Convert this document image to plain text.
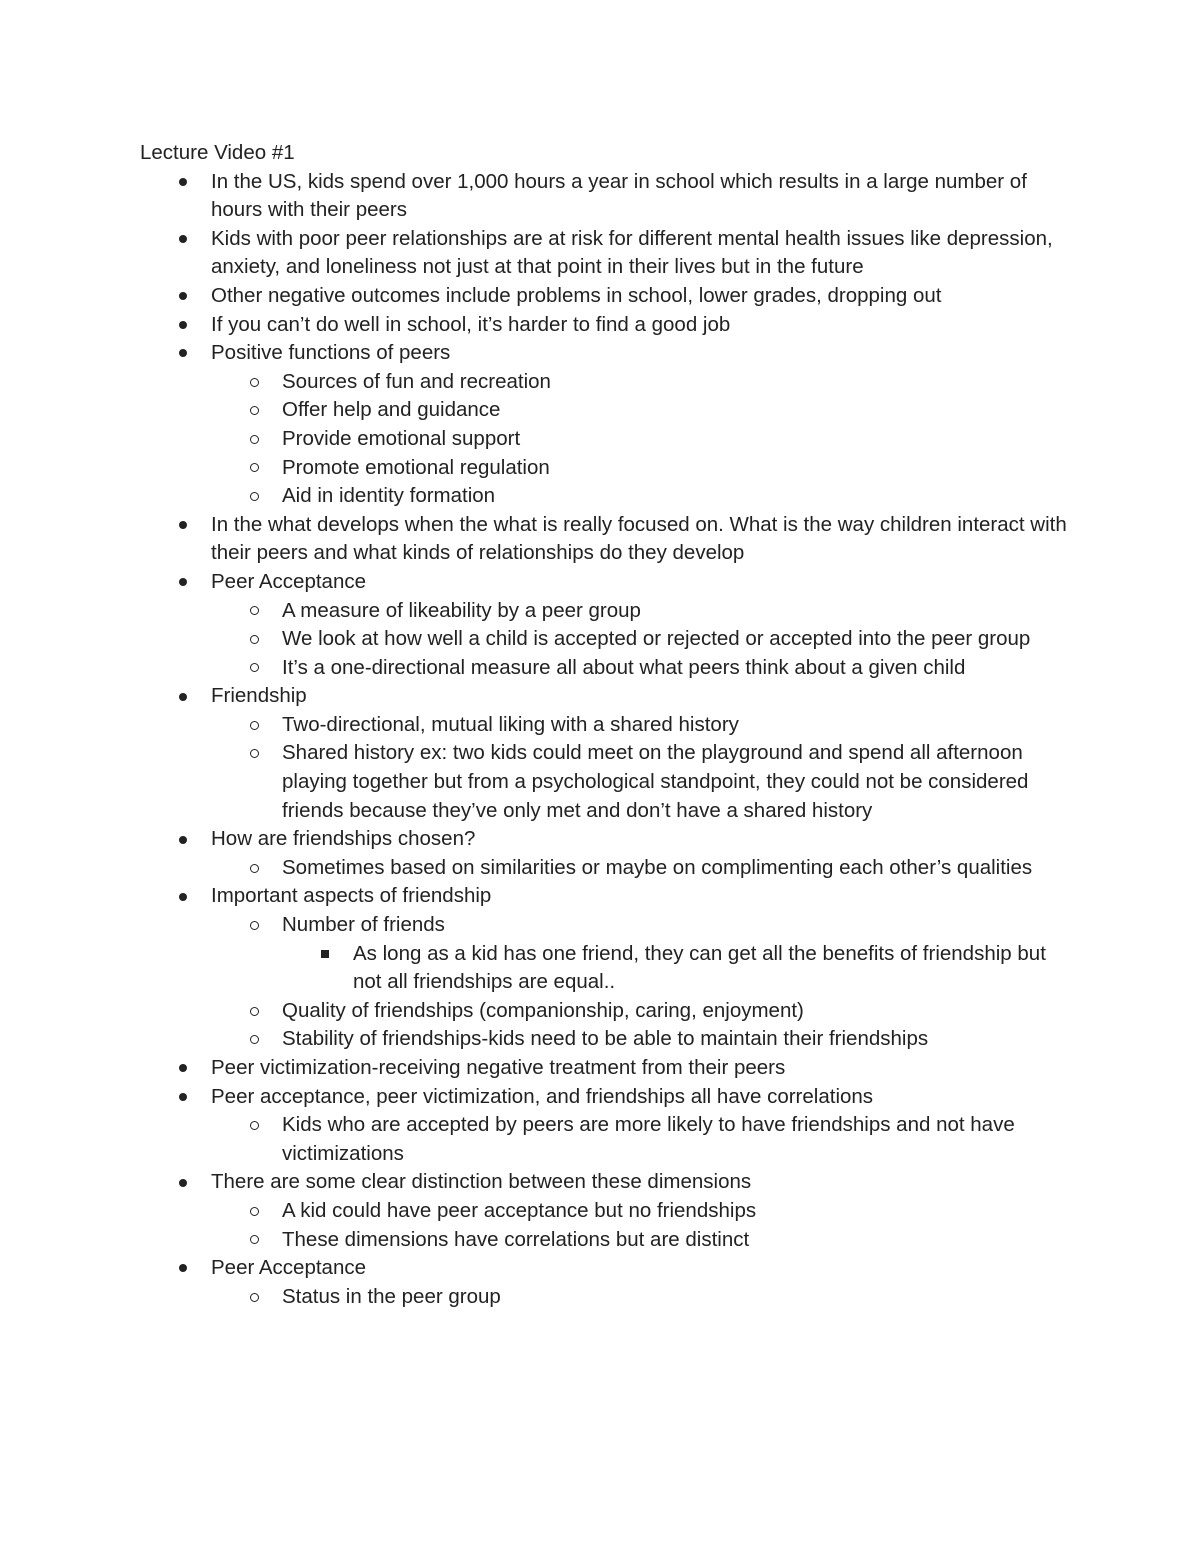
Lecture Video #1

In the US, kids spend over 1,000 hours a year in school which results in a large number of hours with their peers
Kids with poor peer relationships are at risk for different mental health issues like depression, anxiety, and loneliness not just at that point in their lives but in the future
Other negative outcomes include problems in school, lower grades, dropping out
If you can’t do well in school, it’s harder to find a good job
Positive functions of peers
Sources of fun and recreation
Offer help and guidance
Provide emotional support
Promote emotional regulation
Aid in identity formation
In the what develops when the what is really focused on. What is the way children interact with their peers and what kinds of relationships do they develop
Peer Acceptance
A measure of likeability by a peer group
We look at how well a child is accepted or rejected or accepted into the peer group
It’s a one-directional measure all about what peers think about a given child
Friendship
Two-directional, mutual liking with a shared history
Shared history ex: two kids could meet on the playground and spend all afternoon playing together but from a psychological standpoint, they could not be considered friends because they’ve only met and don’t have a shared history
How are friendships chosen?
Sometimes based on similarities or maybe on complimenting each other’s qualities
Important aspects of friendship
Number of friends
As long as a kid has one friend, they can get all the benefits of friendship but not all friendships are equal..
Quality of friendships (companionship, caring, enjoyment)
Stability of friendships-kids need to be able to maintain their friendships
Peer victimization-receiving negative treatment from their peers
Peer acceptance, peer victimization, and friendships all have correlations
Kids who are accepted by peers are more likely to have friendships and not have victimizations
There are some clear distinction between these dimensions
A kid could have peer acceptance but no friendships
These dimensions have correlations but are distinct
Peer Acceptance
Status in the peer group
